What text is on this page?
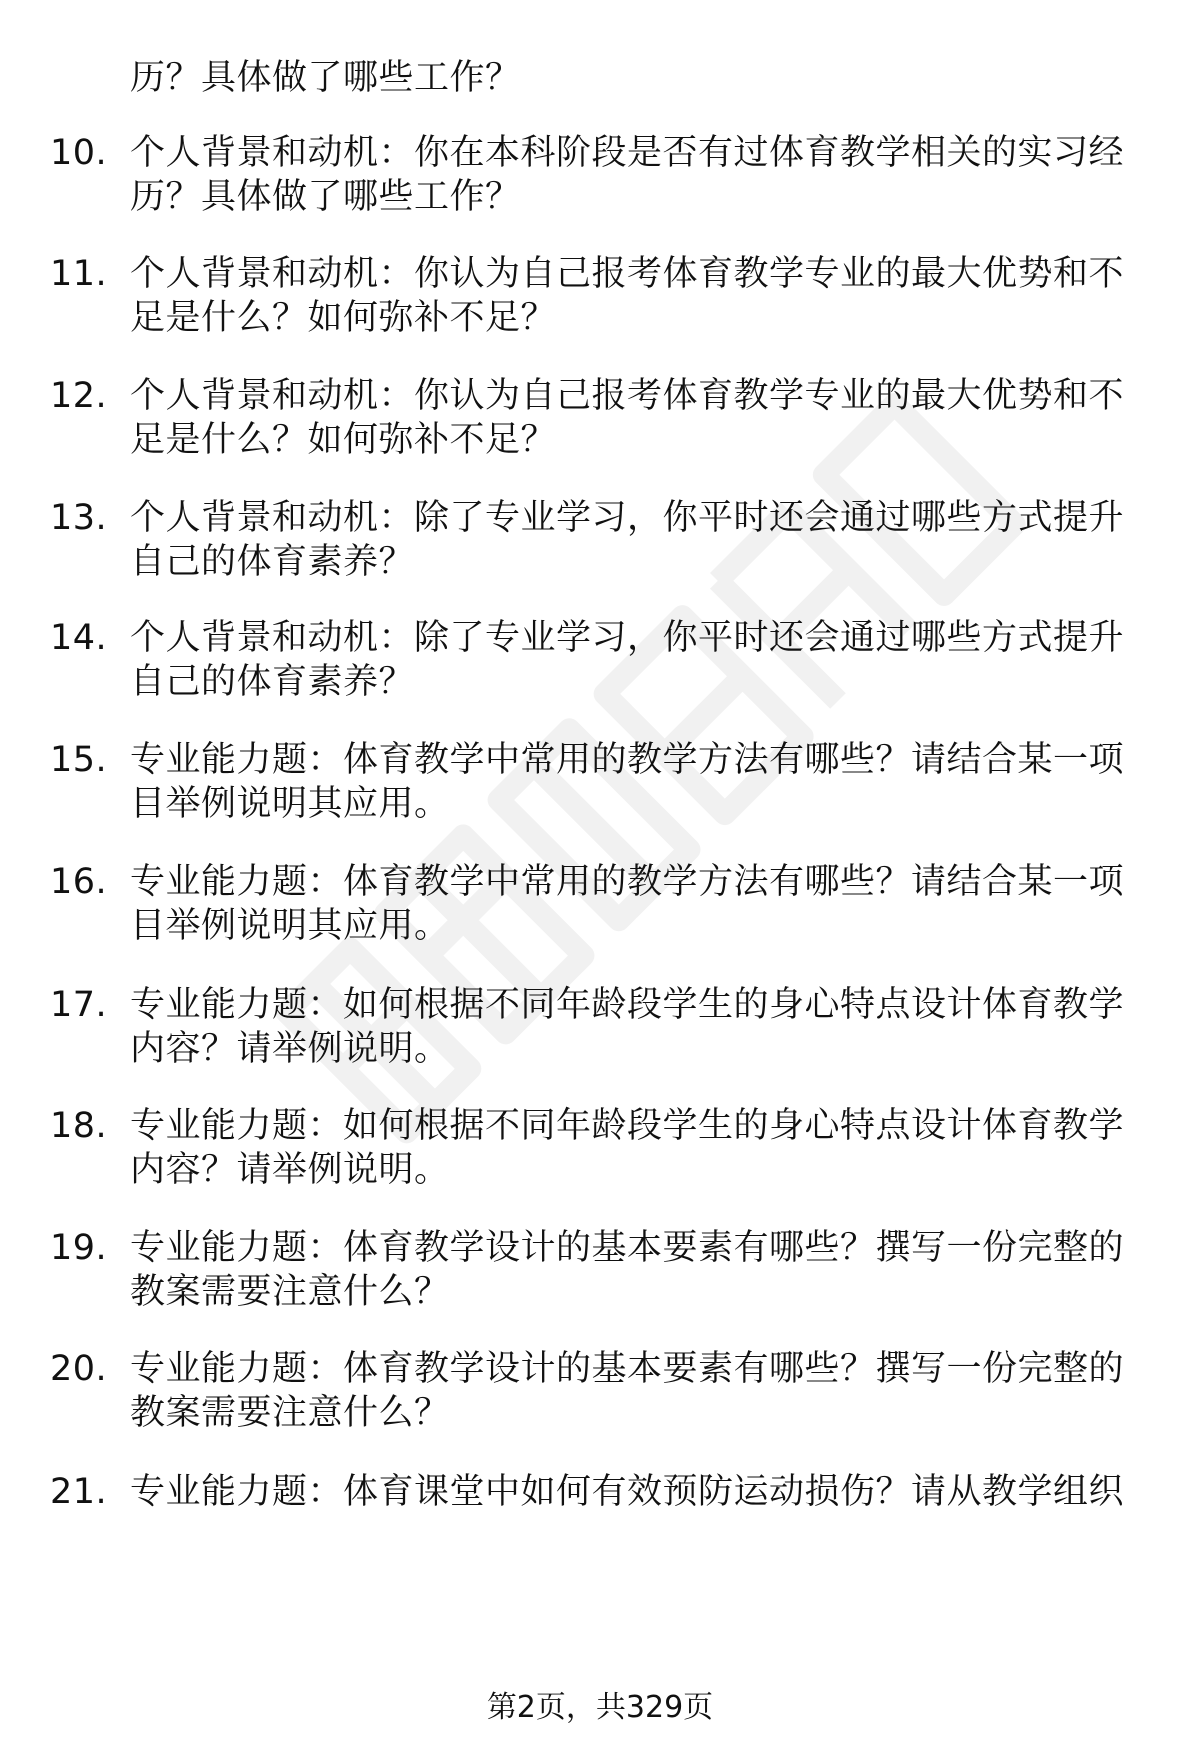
历？具体做了哪些工作？
10. 个人背景和动机：你在本科阶段是否有过体育教学相关的实习经
历？具体做了哪些工作？
11. 个人背景和动机：你认为自己报考体育教学专业的最大优势和不
足是什么？如何弥补不足？
12. 个人背景和动机：你认为自己报考体育教学专业的最大优势和不
足是什么？如何弥补不足？
13. 个人背景和动机：除了专业学习，你平时还会通过哪些方式提升
自己的体育素养？
14. 个人背景和动机：除了专业学习，你平时还会通过哪些方式提升
自己的体育素养？
15. 专业能力题：体育教学中常用的教学方法有哪些？请结合某一项
目举例说明其应用。
16. 专业能力题：体育教学中常用的教学方法有哪些？请结合某一项
目举例说明其应用。
17. 专业能力题：如何根据不同年龄段学生的身心特点设计体育教学
内容？请举例说明。
18. 专业能力题：如何根据不同年龄段学生的身心特点设计体育教学
内容？请举例说明。
19. 专业能力题：体育教学设计的基本要素有哪些？撰写一份完整的
教案需要注意什么？
20. 专业能力题：体育教学设计的基本要素有哪些？撰写一份完整的
教案需要注意什么？
21. 专业能力题：体育课堂中如何有效预防运动损伤？请从教学组织
第2页，共329页
